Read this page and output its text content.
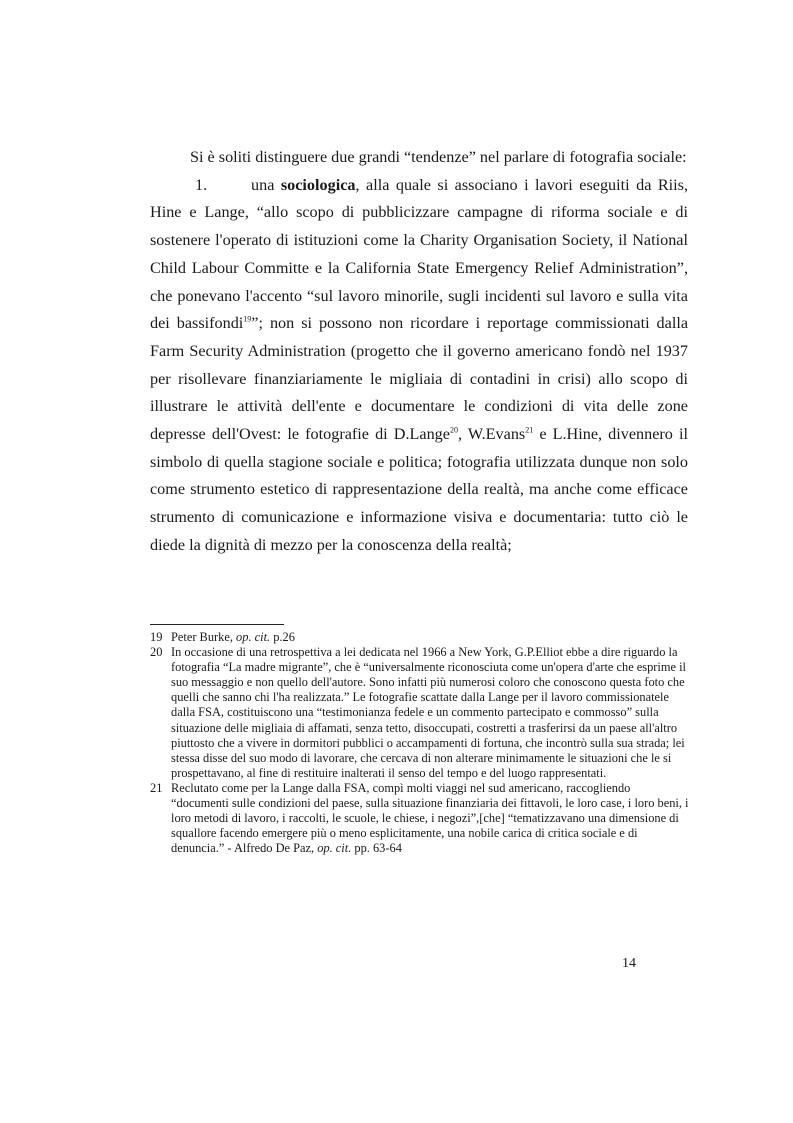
Si è soliti distinguere due grandi “tendenze” nel parlare di fotografia sociale:

1.	una sociologica, alla quale si associano i lavori eseguiti da Riis, Hine e Lange, “allo scopo di pubblicizzare campagne di riforma sociale e di sostenere l'operato di istituzioni come la Charity Organisation Society, il National Child Labour Committe e la California State Emergency Relief Administration”, che ponevano l'accento “sul lavoro minorile, sugli incidenti sul lavoro e sulla vita dei bassifondi$^{19}$”; non si possono non ricordare i reportage commissionati dalla Farm Security Administration (progetto che il governo americano fondò nel 1937 per risollevare finanziariamente le migliaia di contadini in crisi) allo scopo di illustrare le attività dell'ente e documentare le condizioni di vita delle zone depresse dell'Ovest: le fotografie di D.Lange$^{20}$, W.Evans$^{21}$ e L.Hine, divennero il simbolo di quella stagione sociale e politica; fotografia utilizzata dunque non solo come strumento estetico di rappresentazione della realtà, ma anche come efficace strumento di comunicazione e informazione visiva e documentaria: tutto ciò le diede la dignità di mezzo per la conoscenza della realtà;

19 Peter Burke, op. cit. p.26

20 In occasione di una retrospettiva a lei dedicata nel 1966 a New York, G.P.Elliot ebbe a dire riguardo la fotografia “La madre migrante”, che è “universalmente riconosciuta come un'opera d'arte che esprime il suo messaggio e non quello dell'autore. Sono infatti più numerosi coloro che conoscono questa foto che quelli che sanno chi l'ha realizzata.” Le fotografie scattate dalla Lange per il lavoro commissionatele dalla FSA, costituiscono una “testimonianza fedele e un commento partecipato e commosso” sulla situazione delle migliaia di affamati, senza tetto, disoccupati, costretti a trasferirsi da un paese all'altro piuttosto che a vivere in dormitori pubblici o accampamenti di fortuna, che incontrò sulla sua strada; lei stessa disse del suo modo di lavorare, che cercava di non alterare minimamente le situazioni che le si prospettavano, al fine di restituire inalterati il senso del tempo e del luogo rappresentati.

21 Reclutato come per la Lange dalla FSA, compì molti viaggi nel sud americano, raccogliendo “documenti sulle condizioni del paese, sulla situazione finanziaria dei fittavoli, le loro case, i loro beni, i loro metodi di lavoro, i raccolti, le scuole, le chiese, i negozi”,[che] “tematizzavano una dimensione di squallore facendo emergere più o meno esplicitamente, una nobile carica di critica sociale e di denuncia.” - Alfredo De Paz, op. cit. pp. 63-64

14
